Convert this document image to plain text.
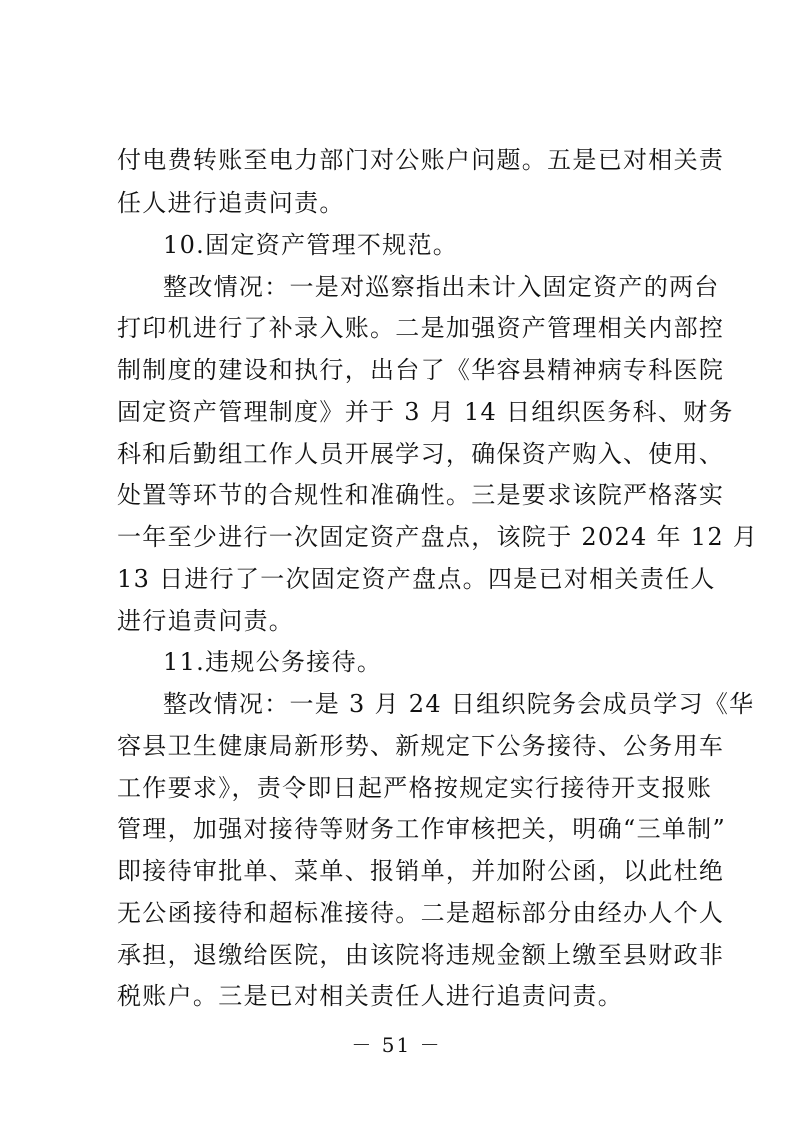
付电费转账至电力部门对公账户问题。五是已对相关责
任人进行追责问责。
10.固定资产管理不规范。
整改情况：一是对巡察指出未计入固定资产的两台
打印机进行了补录入账。二是加强资产管理相关内部控
制制度的建设和执行，出台了《华容县精神病专科医院
固定资产管理制度》并于 3 月 14 日组织医务科、财务
科和后勤组工作人员开展学习，确保资产购入、使用、
处置等环节的合规性和准确性。三是要求该院严格落实
一年至少进行一次固定资产盘点，该院于 2024 年 12 月
13 日进行了一次固定资产盘点。四是已对相关责任人
进行追责问责。
11.违规公务接待。
整改情况：一是 3 月 24 日组织院务会成员学习《华
容县卫生健康局新形势、新规定下公务接待、公务用车
工作要求》，责令即日起严格按规定实行接待开支报账
管理，加强对接待等财务工作审核把关，明确“三单制”
即接待审批单、菜单、报销单，并加附公函，以此杜绝
无公函接待和超标准接待。二是超标部分由经办人个人
承担，退缴给医院，由该院将违规金额上缴至县财政非
税账户。三是已对相关责任人进行追责问责。
－ 51 －
